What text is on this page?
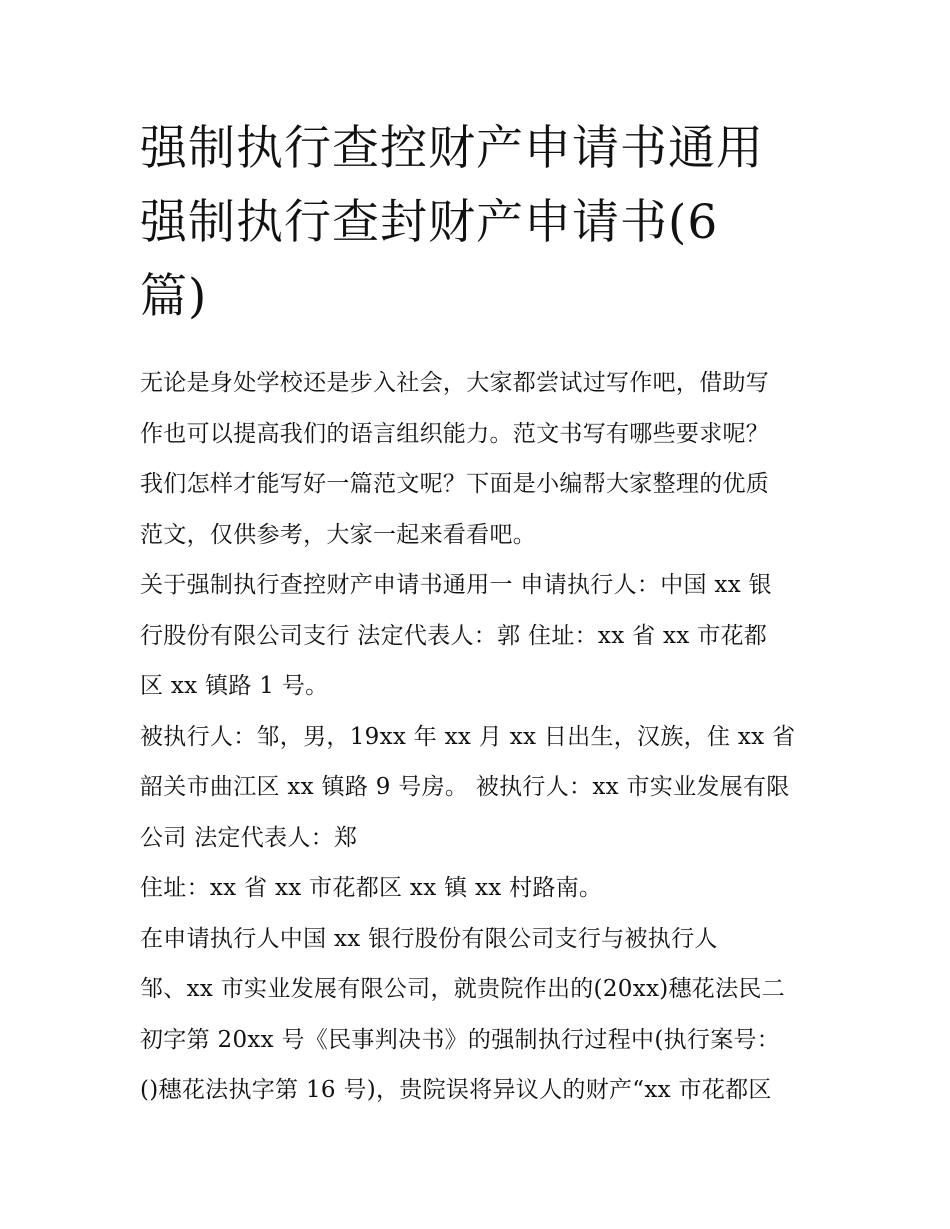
强制执行查控财产申请书通用
强制执行查封财产申请书(6
篇)
无论是身处学校还是步入社会，大家都尝试过写作吧，借助写
作也可以提高我们的语言组织能力。范文书写有哪些要求呢？
我们怎样才能写好一篇范文呢？下面是小编帮大家整理的优质
范文，仅供参考，大家一起来看看吧。
关于强制执行查控财产申请书通用一 申请执行人：中国 xx 银
行股份有限公司支行 法定代表人：郭 住址：xx 省 xx 市花都
区 xx 镇路 1 号。
被执行人：邹，男，19xx 年 xx 月 xx 日出生，汉族，住 xx 省
韶关市曲江区 xx 镇路 9 号房。 被执行人：xx 市实业发展有限
公司 法定代表人：郑
住址：xx 省 xx 市花都区 xx 镇 xx 村路南。
在申请执行人中国 xx 银行股份有限公司支行与被执行人
邹、xx 市实业发展有限公司，就贵院作出的(20xx)穗花法民二
初字第 20xx 号《民事判决书》的强制执行过程中(执行案号：
()穗花法执字第 16 号)，贵院误将异议人的财产“xx 市花都区
